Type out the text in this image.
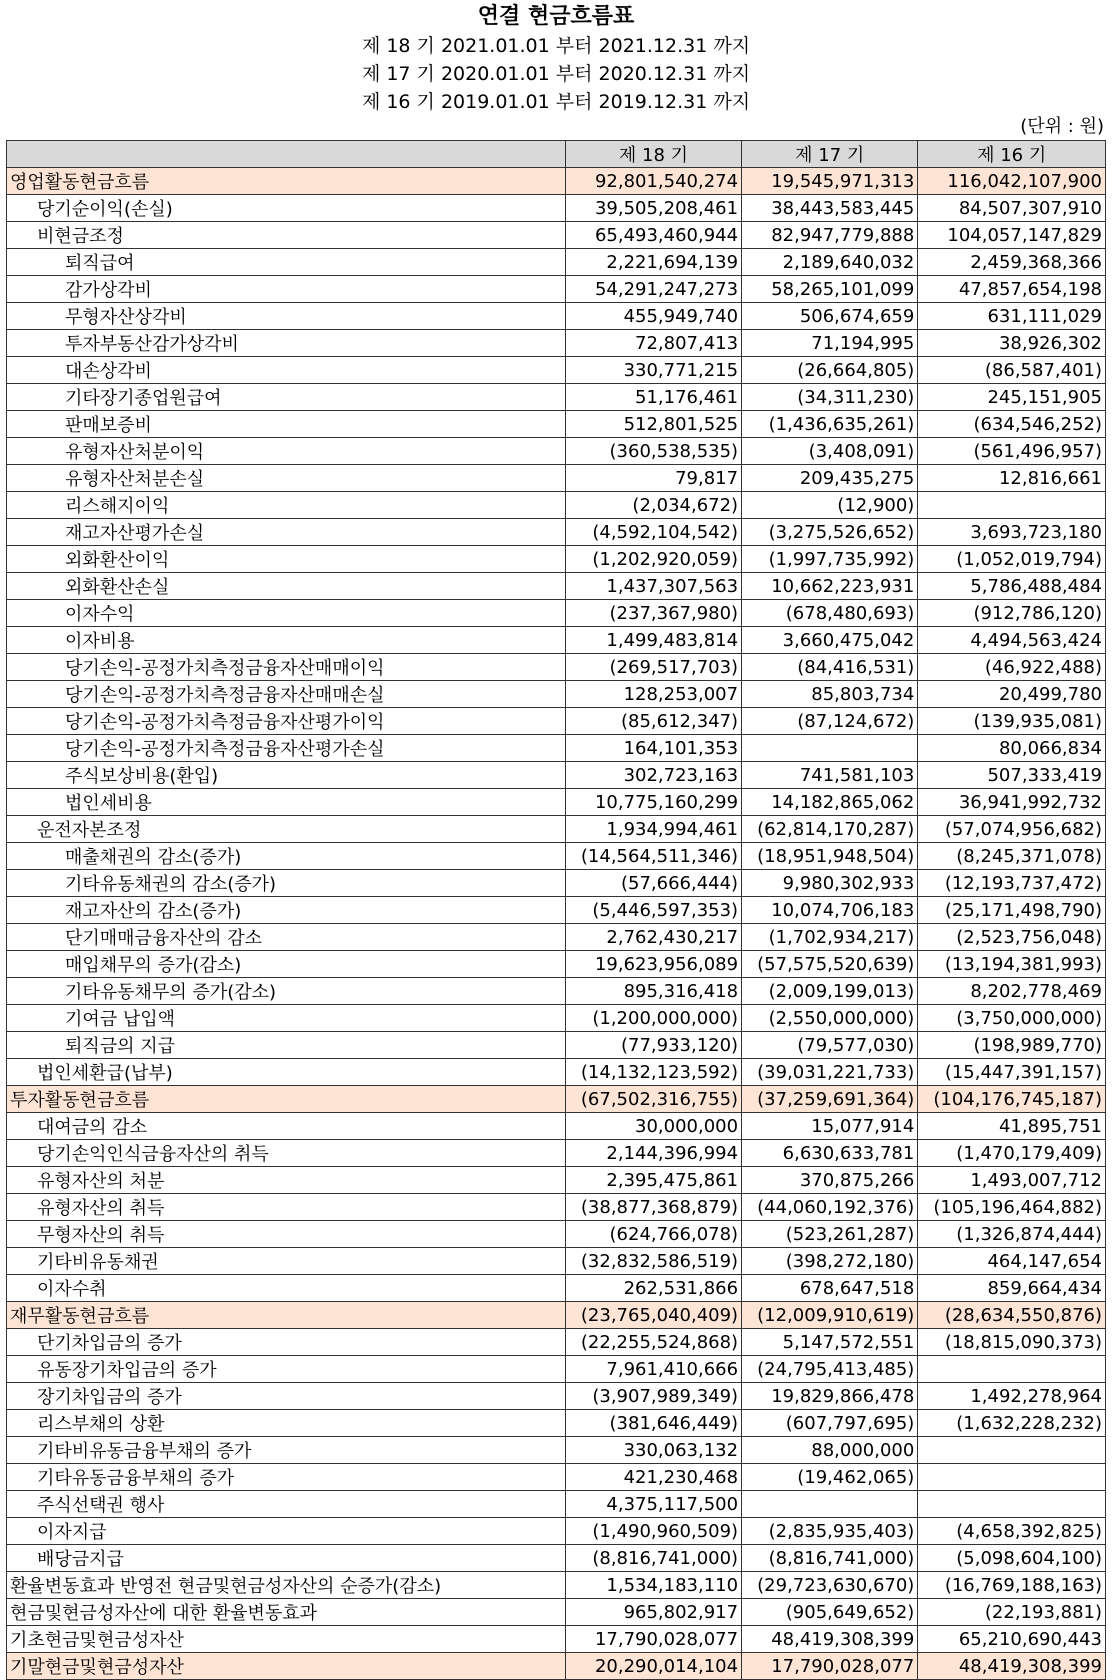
연결 현금흐름표
제 18 기 2021.01.01 부터 2021.12.31 까지
제 17 기 2020.01.01 부터 2020.12.31 까지
제 16 기 2019.01.01 부터 2019.12.31 까지
(단위 : 원)
	제 18 기	제 17 기	제 16 기
영업활동현금흐름	92,801,540,274	19,545,971,313	116,042,107,900
당기순이익(손실)	39,505,208,461	38,443,583,445	84,507,307,910
비현금조정	65,493,460,944	82,947,779,888	104,057,147,829
퇴직급여	2,221,694,139	2,189,640,032	2,459,368,366
감가상각비	54,291,247,273	58,265,101,099	47,857,654,198
무형자산상각비	455,949,740	506,674,659	631,111,029
투자부동산감가상각비	72,807,413	71,194,995	38,926,302
대손상각비	330,771,215	(26,664,805)	(86,587,401)
기타장기종업원급여	51,176,461	(34,311,230)	245,151,905
판매보증비	512,801,525	(1,436,635,261)	(634,546,252)
유형자산처분이익	(360,538,535)	(3,408,091)	(561,496,957)
유형자산처분손실	79,817	209,435,275	12,816,661
리스해지이익	(2,034,672)	(12,900)	
재고자산평가손실	(4,592,104,542)	(3,275,526,652)	3,693,723,180
외화환산이익	(1,202,920,059)	(1,997,735,992)	(1,052,019,794)
외화환산손실	1,437,307,563	10,662,223,931	5,786,488,484
이자수익	(237,367,980)	(678,480,693)	(912,786,120)
이자비용	1,499,483,814	3,660,475,042	4,494,563,424
당기손익-공정가치측정금융자산매매이익	(269,517,703)	(84,416,531)	(46,922,488)
당기손익-공정가치측정금융자산매매손실	128,253,007	85,803,734	20,499,780
당기손익-공정가치측정금융자산평가이익	(85,612,347)	(87,124,672)	(139,935,081)
당기손익-공정가치측정금융자산평가손실	164,101,353		80,066,834
주식보상비용(환입)	302,723,163	741,581,103	507,333,419
법인세비용	10,775,160,299	14,182,865,062	36,941,992,732
운전자본조정	1,934,994,461	(62,814,170,287)	(57,074,956,682)
매출채권의 감소(증가)	(14,564,511,346)	(18,951,948,504)	(8,245,371,078)
기타유동채권의 감소(증가)	(57,666,444)	9,980,302,933	(12,193,737,472)
재고자산의 감소(증가)	(5,446,597,353)	10,074,706,183	(25,171,498,790)
단기매매금융자산의 감소	2,762,430,217	(1,702,934,217)	(2,523,756,048)
매입채무의 증가(감소)	19,623,956,089	(57,575,520,639)	(13,194,381,993)
기타유동채무의 증가(감소)	895,316,418	(2,009,199,013)	8,202,778,469
기여금 납입액	(1,200,000,000)	(2,550,000,000)	(3,750,000,000)
퇴직금의 지급	(77,933,120)	(79,577,030)	(198,989,770)
법인세환급(납부)	(14,132,123,592)	(39,031,221,733)	(15,447,391,157)
투자활동현금흐름	(67,502,316,755)	(37,259,691,364)	(104,176,745,187)
대여금의 감소	30,000,000	15,077,914	41,895,751
당기손익인식금융자산의 취득	2,144,396,994	6,630,633,781	(1,470,179,409)
유형자산의 처분	2,395,475,861	370,875,266	1,493,007,712
유형자산의 취득	(38,877,368,879)	(44,060,192,376)	(105,196,464,882)
무형자산의 취득	(624,766,078)	(523,261,287)	(1,326,874,444)
기타비유동채권	(32,832,586,519)	(398,272,180)	464,147,654
이자수취	262,531,866	678,647,518	859,664,434
재무활동현금흐름	(23,765,040,409)	(12,009,910,619)	(28,634,550,876)
단기차입금의 증가	(22,255,524,868)	5,147,572,551	(18,815,090,373)
유동장기차입금의 증가	7,961,410,666	(24,795,413,485)	
장기차입금의 증가	(3,907,989,349)	19,829,866,478	1,492,278,964
리스부채의 상환	(381,646,449)	(607,797,695)	(1,632,228,232)
기타비유동금융부채의 증가	330,063,132	88,000,000	
기타유동금융부채의 증가	421,230,468	(19,462,065)	
주식선택권 행사	4,375,117,500		
이자지급	(1,490,960,509)	(2,835,935,403)	(4,658,392,825)
배당금지급	(8,816,741,000)	(8,816,741,000)	(5,098,604,100)
환율변동효과 반영전 현금및현금성자산의 순증가(감소)	1,534,183,110	(29,723,630,670)	(16,769,188,163)
현금및현금성자산에 대한 환율변동효과	965,802,917	(905,649,652)	(22,193,881)
기초현금및현금성자산	17,790,028,077	48,419,308,399	65,210,690,443
기말현금및현금성자산	20,290,014,104	17,790,028,077	48,419,308,399
